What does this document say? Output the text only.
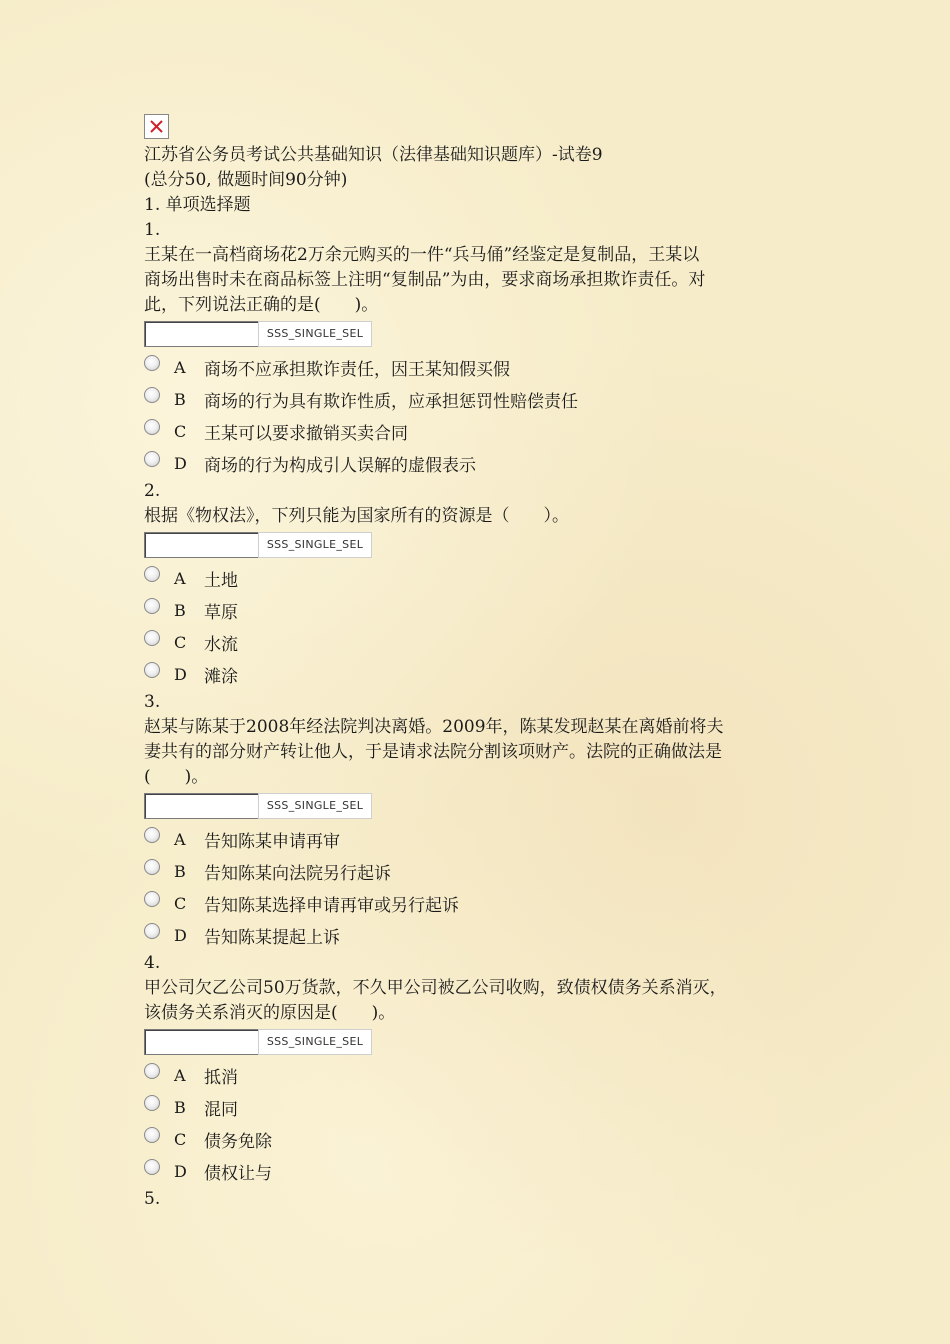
江苏省公务员考试公共基础知识（法律基础知识题库）-试卷9
(总分50, 做题时间90分钟)
1. 单项选择题
1.
王某在一高档商场花2万余元购买的一件“兵马俑”经鉴定是复制品，王某以
商场出售时未在商品标签上注明“复制品”为由，要求商场承担欺诈责任。对
此，下列说法正确的是(　　)。
SSS_SINGLE_SEL
A	商场不应承担欺诈责任，因王某知假买假
B	商场的行为具有欺诈性质，应承担惩罚性赔偿责任
C	王某可以要求撤销买卖合同
D	商场的行为构成引人误解的虚假表示
2.
根据《物权法》，下列只能为国家所有的资源是（　　）。
SSS_SINGLE_SEL
A	土地
B	草原
C	水流
D	滩涂
3.
赵某与陈某于2008年经法院判决离婚。2009年，陈某发现赵某在离婚前将夫
妻共有的部分财产转让他人，于是请求法院分割该项财产。法院的正确做法是
(　　)。
SSS_SINGLE_SEL
A	告知陈某申请再审
B	告知陈某向法院另行起诉
C	告知陈某选择申请再审或另行起诉
D	告知陈某提起上诉
4.
甲公司欠乙公司50万货款，不久甲公司被乙公司收购，致债权债务关系消灭，
该债务关系消灭的原因是(　　)。
SSS_SINGLE_SEL
A	抵消
B	混同
C	债务免除
D	债权让与
5.
